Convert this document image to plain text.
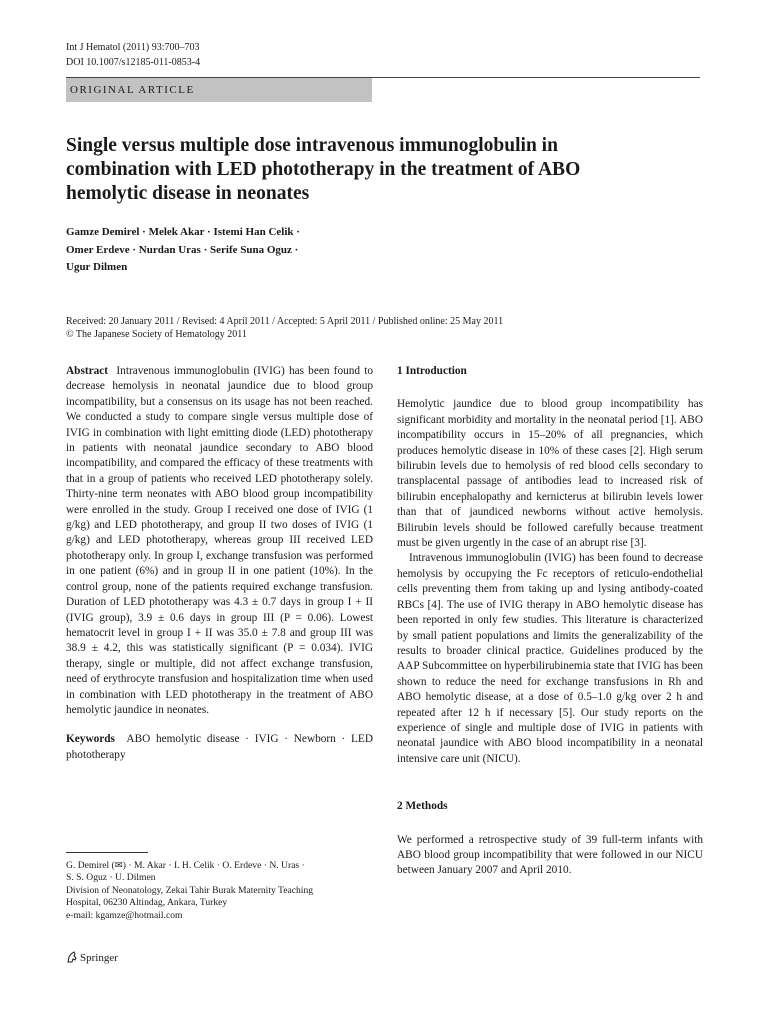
Int J Hematol (2011) 93:700–703
DOI 10.1007/s12185-011-0853-4
ORIGINAL ARTICLE
Single versus multiple dose intravenous immunoglobulin in combination with LED phototherapy in the treatment of ABO hemolytic disease in neonates
Gamze Demirel · Melek Akar · Istemi Han Celik ·
Omer Erdeve · Nurdan Uras · Serife Suna Oguz ·
Ugur Dilmen
Received: 20 January 2011 / Revised: 4 April 2011 / Accepted: 5 April 2011 / Published online: 25 May 2011
© The Japanese Society of Hematology 2011

Abstract Intravenous immunoglobulin (IVIG) has been found to decrease hemolysis in neonatal jaundice due to blood group incompatibility, but a consensus on its usage has not been reached. We conducted a study to compare single versus multiple dose of IVIG in combination with light emitting diode (LED) phototherapy in patients with neonatal jaundice secondary to ABO blood incompatibility, and compared the efficacy of these treatments with that in a group of patients who received LED phototherapy solely. Thirty-nine term neonates with ABO blood group incompatibility were enrolled in the study. Group I received one dose of IVIG (1 g/kg) and LED phototherapy, and group II two doses of IVIG (1 g/kg) and LED phototherapy, whereas group III received LED phototherapy only. In group I, exchange transfusion was performed in one patient (6%) and in group II in one patient (10%). In the control group, none of the patients required exchange transfusion. Duration of LED phototherapy was 4.3 ± 0.7 days in group I + II (IVIG group), 3.9 ± 0.6 days in group III (P = 0.06). Lowest hematocrit level in group I + II was 35.0 ± 7.8 and group III was 38.9 ± 4.2, this was statistically significant (P = 0.034). IVIG therapy, single or multiple, did not affect exchange transfusion, need of erythrocyte transfusion and hospitalization time when used in combination with LED phototherapy in the treatment of ABO hemolytic jaundice in neonates.

Keywords ABO hemolytic disease · IVIG · Newborn · LED phototherapy

G. Demirel (✉) · M. Akar · I. H. Celik · O. Erdeve · N. Uras ·
S. S. Oguz · U. Dilmen
Division of Neonatology, Zekai Tahir Burak Maternity Teaching
Hospital, 06230 Altindag, Ankara, Turkey
e-mail: kgamze@hotmail.com
Springer
1 Introduction

Hemolytic jaundice due to blood group incompatibility has significant morbidity and mortality in the neonatal period [1]. ABO incompatibility occurs in 15–20% of all pregnancies, which produces hemolytic disease in 10% of these cases [2]. High serum bilirubin levels due to hemolysis of red blood cells secondary to transplacental passage of antibodies lead to increased risk of bilirubin encephalopathy and kernicterus at bilirubin levels lower than that of jaundiced newborns without active hemolysis. Bilirubin levels should be followed carefully because treatment must be given urgently in the case of an abrupt rise [3].

Intravenous immunoglobulin (IVIG) has been found to decrease hemolysis by occupying the Fc receptors of reticulo-endothelial cells preventing them from taking up and lysing antibody-coated RBCs [4]. The use of IVIG therapy in ABO hemolytic disease has been reported in only few studies. This literature is characterized by small patient populations and limits the generalizability of the results to broader clinical practice. Guidelines produced by the AAP Subcommittee on hyperbilirubinemia state that IVIG has been shown to reduce the need for exchange transfusions in Rh and ABO hemolytic disease, at a dose of 0.5–1.0 g/kg over 2 h and repeated after 12 h if necessary [5]. Our study reports on the experience of single and multiple dose of IVIG in patients with neonatal jaundice with ABO blood incompatibility in a neonatal intensive care unit (NICU).

2 Methods

We performed a retrospective study of 39 full-term infants with ABO blood group incompatibility that were followed in our NICU between January 2007 and April 2010.
